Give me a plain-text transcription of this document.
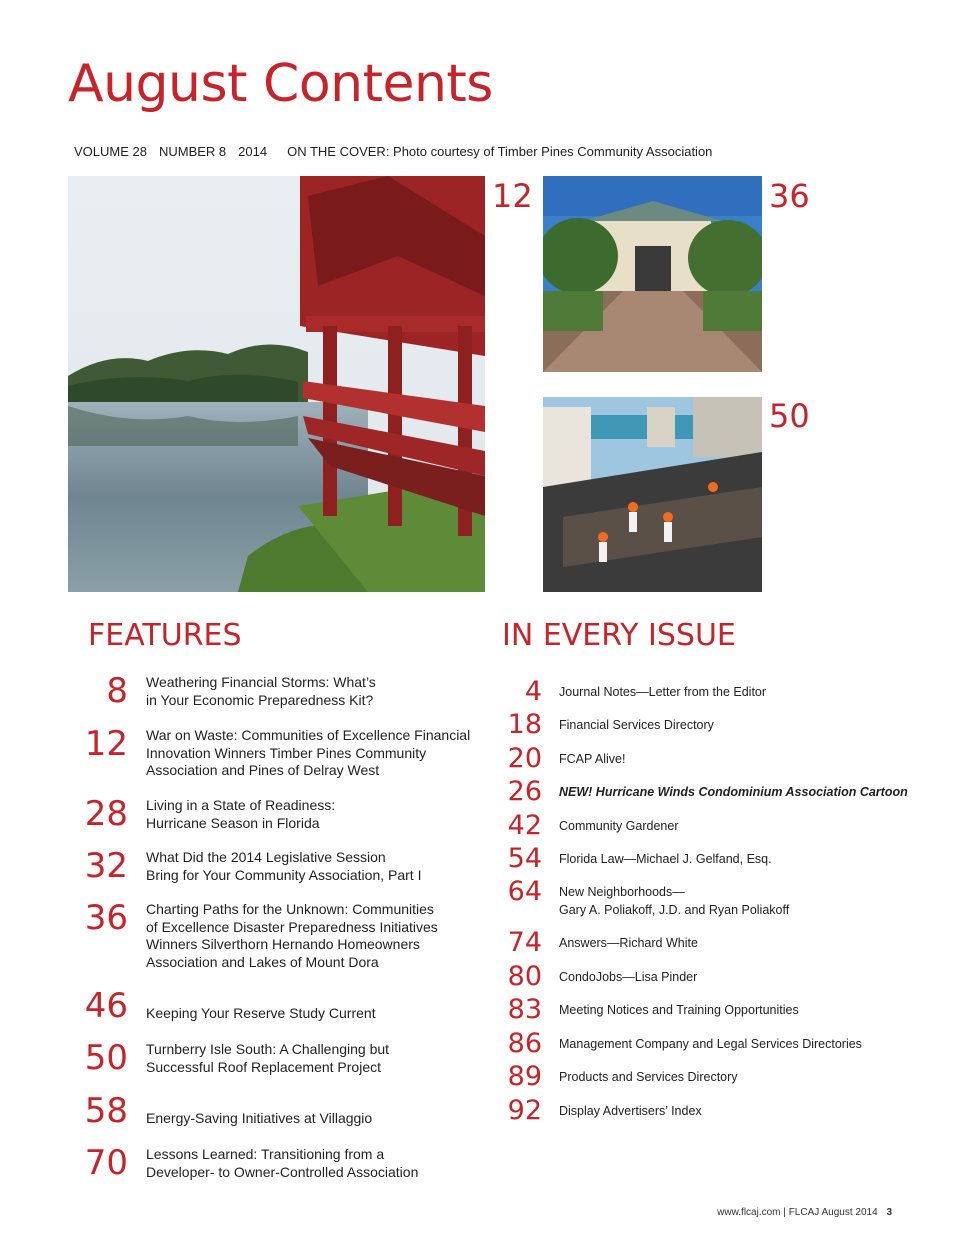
August Contents
VOLUME 28 NUMBER 8 2014 ON THE COVER: Photo courtesy of Timber Pines Community Association
12	36
50
FEATURES	IN EVERY ISSUE
8 Weathering Financial Storms: What’s
in Your Economic Preparedness Kit?
12 War on Waste: Communities of Excellence Financial
Innovation Winners Timber Pines Community
Association and Pines of Delray West
28 Living in a State of Readiness:
Hurricane Season in Florida
32 What Did the 2014 Legislative Session
Bring for Your Community Association, Part I
36 Charting Paths for the Unknown: Communities
of Excellence Disaster Preparedness Initiatives
Winners Silverthorn Hernando Homeowners
Association and Lakes of Mount Dora
46 Keeping Your Reserve Study Current
50 Turnberry Isle South: A Challenging but
Successful Roof Replacement Project
58 Energy-Saving Initiatives at Villaggio
70 Lessons Learned: Transitioning from a
Developer- to Owner-Controlled Association
4 Journal Notes—Letter from the Editor
18 Financial Services Directory
20 FCAP Alive!
26 NEW! Hurricane Winds Condominium Association Cartoon
42 Community Gardener
54 Florida Law—Michael J. Gelfand, Esq.
64 New Neighborhoods—
Gary A. Poliakoff, J.D. and Ryan Poliakoff
74 Answers—Richard White
80 CondoJobs—Lisa Pinder
83 Meeting Notices and Training Opportunities
86 Management Company and Legal Services Directories
89 Products and Services Directory
92 Display Advertisers’ Index
www.flcaj.com | FLCAJ August 2014 3
